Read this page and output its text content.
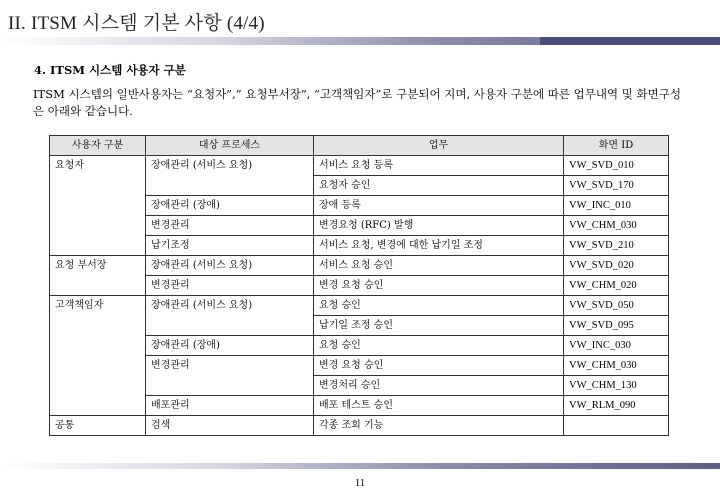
II. ITSM 시스템 기본 사항 (4/4)
4. ITSM 시스템 사용자 구분
ITSM 시스템의 일반사용자는 “요청자”,” 요청부서장”, “고객책임자”로 구분되어 지며, 사용자 구분에 따른 업무내역 및 화면구성은 아래와 같습니다.
사용자 구분	대상 프로세스	업무	화면 ID
요청자	장애관리 (서비스 요청)	서비스 요청 등록	VW_SVD_010
		요청자 승인	VW_SVD_170
	장애관리 (장애)	장애 등록	VW_INC_010
	변경관리	변경요청 (RFC) 발행	VW_CHM_030
	납기조정	서비스 요청, 변경에 대한 납기일 조정	VW_SVD_210
요청 부서장	장애관리 (서비스 요청)	서비스 요청 승인	VW_SVD_020
	변경관리	변경 요청 승인	VW_CHM_020
고객책임자	장애관리 (서비스 요청)	요청 승인	VW_SVD_050
		납기일 조정 승인	VW_SVD_095
	장애관리 (장애)	요청 승인	VW_INC_030
	변경관리	변경 요청 승인	VW_CHM_030
		변경처리 승인	VW_CHM_130
	배포관리	배포 테스트 승인	VW_RLM_090
공통	검색	각종 조회 기능	
11
